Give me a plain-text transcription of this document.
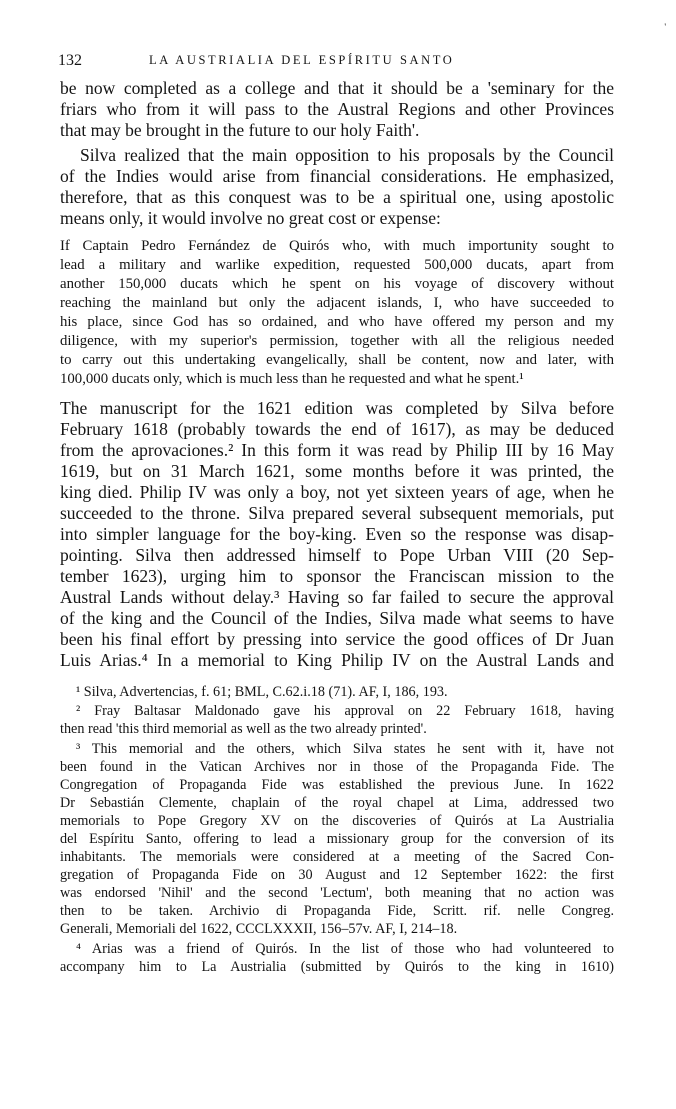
'
132	LA AUSTRIALIA DEL ESPÍRITU SANTO
be now completed as a college and that it should be a 'seminary for the
friars who from it will pass to the Austral Regions and other Provinces
that may be brought in the future to our holy Faith'.
Silva realized that the main opposition to his proposals by the Council
of the Indies would arise from financial considerations. He emphasized,
therefore, that as this conquest was to be a spiritual one, using apostolic
means only, it would involve no great cost or expense:
If Captain Pedro Fernández de Quirós who, with much importunity sought to
lead a military and warlike expedition, requested 500,000 ducats, apart from
another 150,000 ducats which he spent on his voyage of discovery without
reaching the mainland but only the adjacent islands, I, who have succeeded to
his place, since God has so ordained, and who have offered my person and my
diligence, with my superior's permission, together with all the religious needed
to carry out this undertaking evangelically, shall be content, now and later, with
100,000 ducats only, which is much less than he requested and what he spent.¹
The manuscript for the 1621 edition was completed by Silva before
February 1618 (probably towards the end of 1617), as may be deduced
from the aprovaciones.² In this form it was read by Philip III by 16 May
1619, but on 31 March 1621, some months before it was printed, the
king died. Philip IV was only a boy, not yet sixteen years of age, when he
succeeded to the throne. Silva prepared several subsequent memorials, put
into simpler language for the boy-king. Even so the response was disap-
pointing. Silva then addressed himself to Pope Urban VIII (20 Sep-
tember 1623), urging him to sponsor the Franciscan mission to the
Austral Lands without delay.³ Having so far failed to secure the approval
of the king and the Council of the Indies, Silva made what seems to have
been his final effort by pressing into service the good offices of Dr Juan
Luis Arias.⁴ In a memorial to King Philip IV on the Austral Lands and
¹ Silva, Advertencias, f. 61; BML, C.62.i.18 (71). AF, I, 186, 193.
² Fray Baltasar Maldonado gave his approval on 22 February 1618, having
then read 'this third memorial as well as the two already printed'.
³ This memorial and the others, which Silva states he sent with it, have not
been found in the Vatican Archives nor in those of the Propaganda Fide. The
Congregation of Propaganda Fide was established the previous June. In 1622
Dr Sebastián Clemente, chaplain of the royal chapel at Lima, addressed two
memorials to Pope Gregory XV on the discoveries of Quirós at La Austrialia
del Espíritu Santo, offering to lead a missionary group for the conversion of its
inhabitants. The memorials were considered at a meeting of the Sacred Con-
gregation of Propaganda Fide on 30 August and 12 September 1622: the first
was endorsed 'Nihil' and the second 'Lectum', both meaning that no action was
then to be taken. Archivio di Propaganda Fide, Scritt. rif. nelle Congreg.
Generali, Memoriali del 1622, CCCLXXXII, 156–57v. AF, I, 214–18.
⁴ Arias was a friend of Quirós. In the list of those who had volunteered to
accompany him to La Austrialia (submitted by Quirós to the king in 1610)
